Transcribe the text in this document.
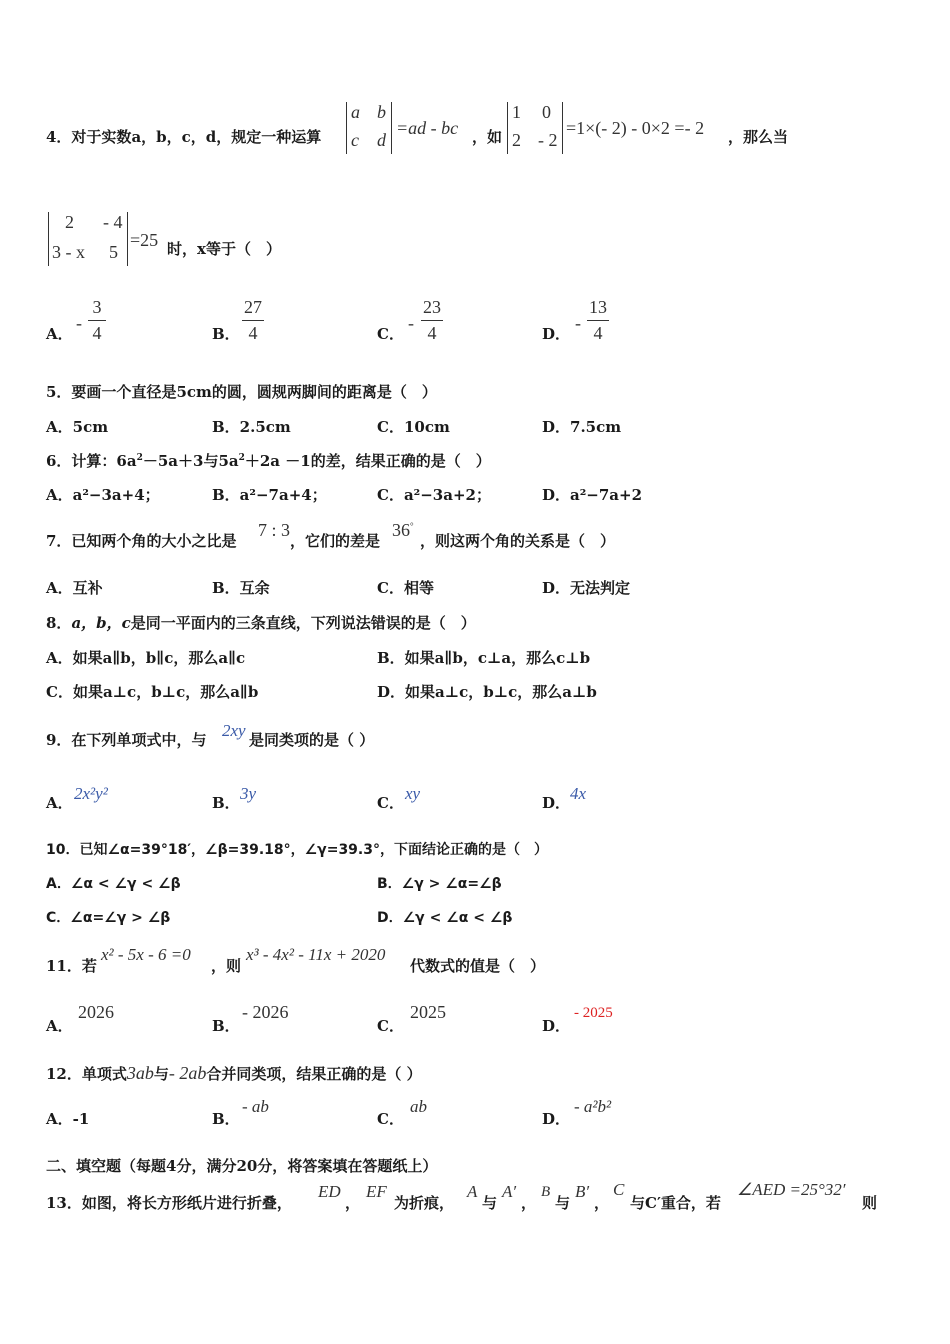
4．对于实数a，b，c，d，规定一种运算
a b
c d
=ad - bc ，如
1 0
2 - 2
=1×(- 2) - 0×2 =- 2 ，那么当
2 - 4
3 - x 5
=25 时，x等于（　）
A．
-
3
4	B．
27
4	C．
-
23
4	D．
-
13
4
5．要画一个直径是5cm的圆，圆规两脚间的距离是（　）
A．5cm	B．2.5cm	C．10cm	D．7.5cm
6．计算：$6a^2-5a+3$与$5a^2+2a -1$的差，结果正确的是（　）
A．a²−3a+4；	B．a²−7a+4；	C．a²−3a+2；	D．a²−7a+2
7．已知两个角的大小之比是
7 : 3
，它们的差是
36°
，则这两个角的关系是（　）
A．互补	B．互余	C．相等	D．无法判定
8．a，b，c是同一平面内的三条直线，下列说法错误的是（　）
A．如果a∥b，b∥c，那么a∥c	B．如果a∥b，c⊥a，那么c⊥b
C．如果a⊥c，b⊥c，那么a∥b	D．如果a⊥c，b⊥c，那么a⊥b
9．在下列单项式中，与 2xy 是同类项的是（ ）
A． 2x²y²	B． 3y	C． xy	D． 4x
10．已知∠α=39°18′，∠β=39.18°，∠γ=39.3°，下面结论正确的是（　）
A．∠α < ∠γ < ∠β	B．∠γ > ∠α=∠β
C．∠α=∠γ > ∠β	D．∠γ < ∠α < ∠β
11．若
x² - 5x - 6 =0
，则
x³ - 4x² - 11x + 2020
代数式的值是（　）
A．
2026
B．
- 2026
C．
2025
D．
- 2025
12．单项式3ab与- 2ab合并同类项，结果正确的是（ ）
A．-1	B．
- ab
C．
ab
D．
- a²b²
二、填空题（每题4分，满分20分，将答案填在答题纸上）
13．如图，将长方形纸片进行折叠，
ED
，
EF
为折痕，
A
与
A′
，
B
与
B′
，
C
与C′重合，若
∠AED =25°32′
则
